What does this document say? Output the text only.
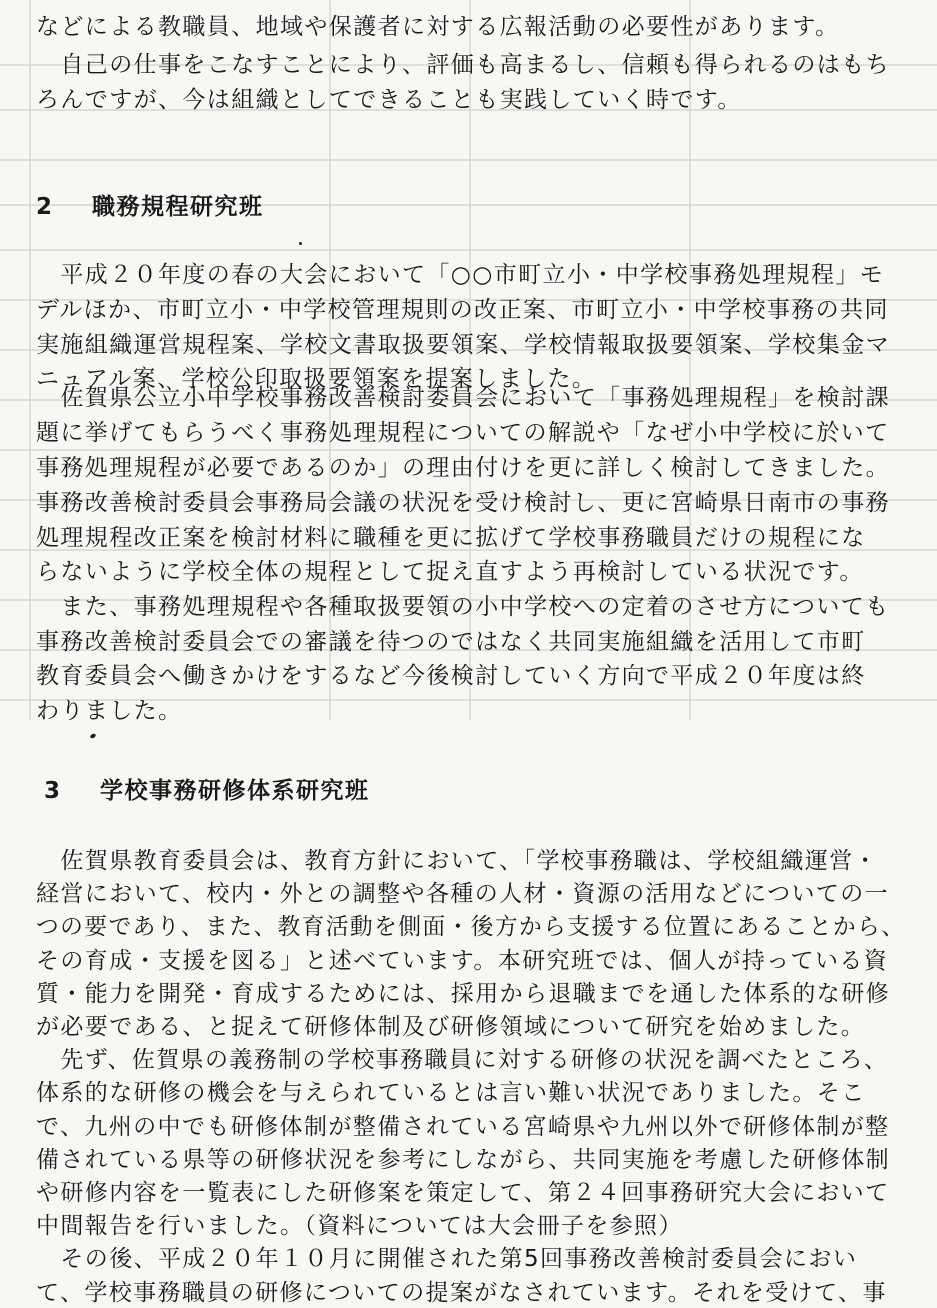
などによる教職員、地域や保護者に対する広報活動の必要性があります。
　自己の仕事をこなすことにより、評価も高まるし、信頼も得られるのはもち
ろんですが、今は組織としてできることも実践していく時です。
2 職務規程研究班
　平成２０年度の春の大会において「○○市町立小・中学校事務処理規程」モ
デルほか、市町立小・中学校管理規則の改正案、市町立小・中学校事務の共同
実施組織運営規程案、学校文書取扱要領案、学校情報取扱要領案、学校集金マ
ニュアル案、学校公印取扱要領案を提案しました。
　佐賀県公立小中学校事務改善検討委員会において「事務処理規程」を検討課
題に挙げてもらうべく事務処理規程についての解説や「なぜ小中学校に於いて
事務処理規程が必要であるのか」の理由付けを更に詳しく検討してきました。
事務改善検討委員会事務局会議の状況を受け検討し、更に宮崎県日南市の事務
処理規程改正案を検討材料に職種を更に拡げて学校事務職員だけの規程にな
らないように学校全体の規程として捉え直すよう再検討している状況です。
　また、事務処理規程や各種取扱要領の小中学校への定着のさせ方についても
事務改善検討委員会での審議を待つのではなく共同実施組織を活用して市町
教育委員会へ働きかけをするなど今後検討していく方向で平成２０年度は終
わりました。
3 学校事務研修体系研究班
　佐賀県教育委員会は、教育方針において、「学校事務職は、学校組織運営・
経営において、校内・外との調整や各種の人材・資源の活用などについての一
つの要であり、また、教育活動を側面・後方から支援する位置にあることから、
その育成・支援を図る」と述べています。本研究班では、個人が持っている資
質・能力を開発・育成するためには、採用から退職までを通した体系的な研修
が必要である、と捉えて研修体制及び研修領域について研究を始めました。
　先ず、佐賀県の義務制の学校事務職員に対する研修の状況を調べたところ、
体系的な研修の機会を与えられているとは言い難い状況でありました。そこ
で、九州の中でも研修体制が整備されている宮崎県や九州以外で研修体制が整
備されている県等の研修状況を参考にしながら、共同実施を考慮した研修体制
や研修内容を一覧表にした研修案を策定して、第２４回事務研究大会において
中間報告を行いました。（資料については大会冊子を参照）
　その後、平成２０年１０月に開催された第5回事務改善検討委員会におい
て、学校事務職員の研修についての提案がなされています。それを受けて、事
